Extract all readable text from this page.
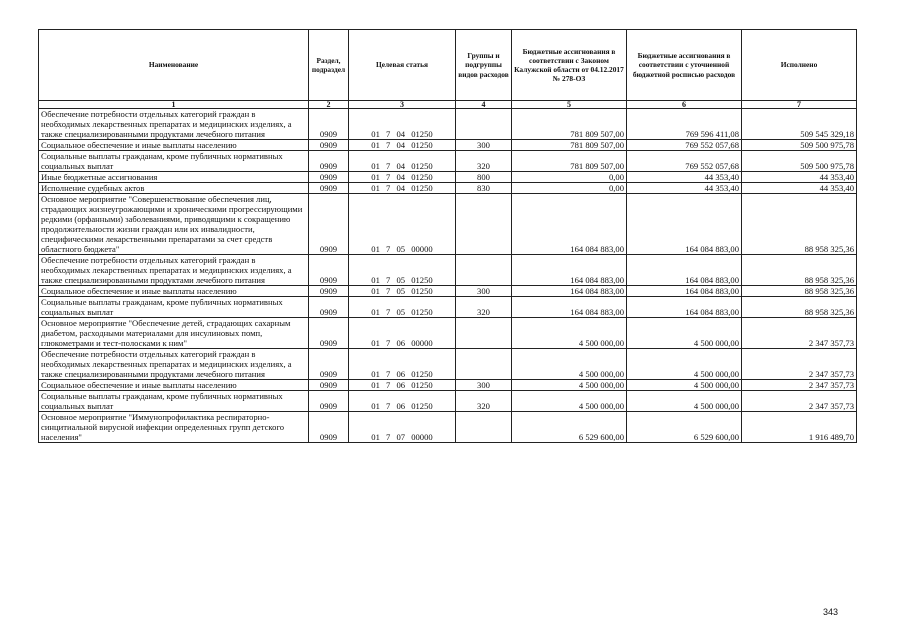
Наименование	Раздел, подраздел	Целевая статья	Группы и подгруппы видов расходов	Бюджетные ассигнования в соответствии с Законом Калужской области от 04.12.2017 № 278-ОЗ	Бюджетные ассигнования в соответствии с уточненной бюджетной росписью расходов	Исполнено
1	2	3	4	5	6	7
Обеспечение потребности отдельных категорий граждан в необходимых лекарственных препаратах и медицинских изделиях, а также специализированными продуктами лечебного питания	0909	01 7 04 01250		781 809 507,00	769 596 411,08	509 545 329,18
Социальное обеспечение и иные выплаты населению	0909	01 7 04 01250	300	781 809 507,00	769 552 057,68	509 500 975,78
Социальные выплаты гражданам, кроме публичных нормативных социальных выплат	0909	01 7 04 01250	320	781 809 507,00	769 552 057,68	509 500 975,78
Иные бюджетные ассигнования	0909	01 7 04 01250	800	0,00	44 353,40	44 353,40
Исполнение судебных актов	0909	01 7 04 01250	830	0,00	44 353,40	44 353,40
Основное мероприятие "Совершенствование обеспечения лиц, страдающих жизнеугрожающими и хроническими прогрессирующими редкими (орфанными) заболеваниями, приводящими к сокращению продолжительности жизни граждан или их инвалидности, специфическими лекарственными препаратами за счет средств областного бюджета"	0909	01 7 05 00000		164 084 883,00	164 084 883,00	88 958 325,36
Обеспечение потребности отдельных категорий граждан в необходимых лекарственных препаратах и медицинских изделиях, а также специализированными продуктами лечебного питания	0909	01 7 05 01250		164 084 883,00	164 084 883,00	88 958 325,36
Социальное обеспечение и иные выплаты населению	0909	01 7 05 01250	300	164 084 883,00	164 084 883,00	88 958 325,36
Социальные выплаты гражданам, кроме публичных нормативных социальных выплат	0909	01 7 05 01250	320	164 084 883,00	164 084 883,00	88 958 325,36
Основное мероприятие "Обеспечение детей, страдающих сахарным диабетом, расходными материалами для инсулиновых помп, глюкометрами и тест-полосками к ним"	0909	01 7 06 00000		4 500 000,00	4 500 000,00	2 347 357,73
Обеспечение потребности отдельных категорий граждан в необходимых лекарственных препаратах и медицинских изделиях, а также специализированными продуктами лечебного питания	0909	01 7 06 01250		4 500 000,00	4 500 000,00	2 347 357,73
Социальное обеспечение и иные выплаты населению	0909	01 7 06 01250	300	4 500 000,00	4 500 000,00	2 347 357,73
Социальные выплаты гражданам, кроме публичных нормативных социальных выплат	0909	01 7 06 01250	320	4 500 000,00	4 500 000,00	2 347 357,73
Основное мероприятие "Иммунопрофилактика респираторно-синцитиальной вирусной инфекции определенных групп детского населения"	0909	01 7 07 00000		6 529 600,00	6 529 600,00	1 916 489,70
343
